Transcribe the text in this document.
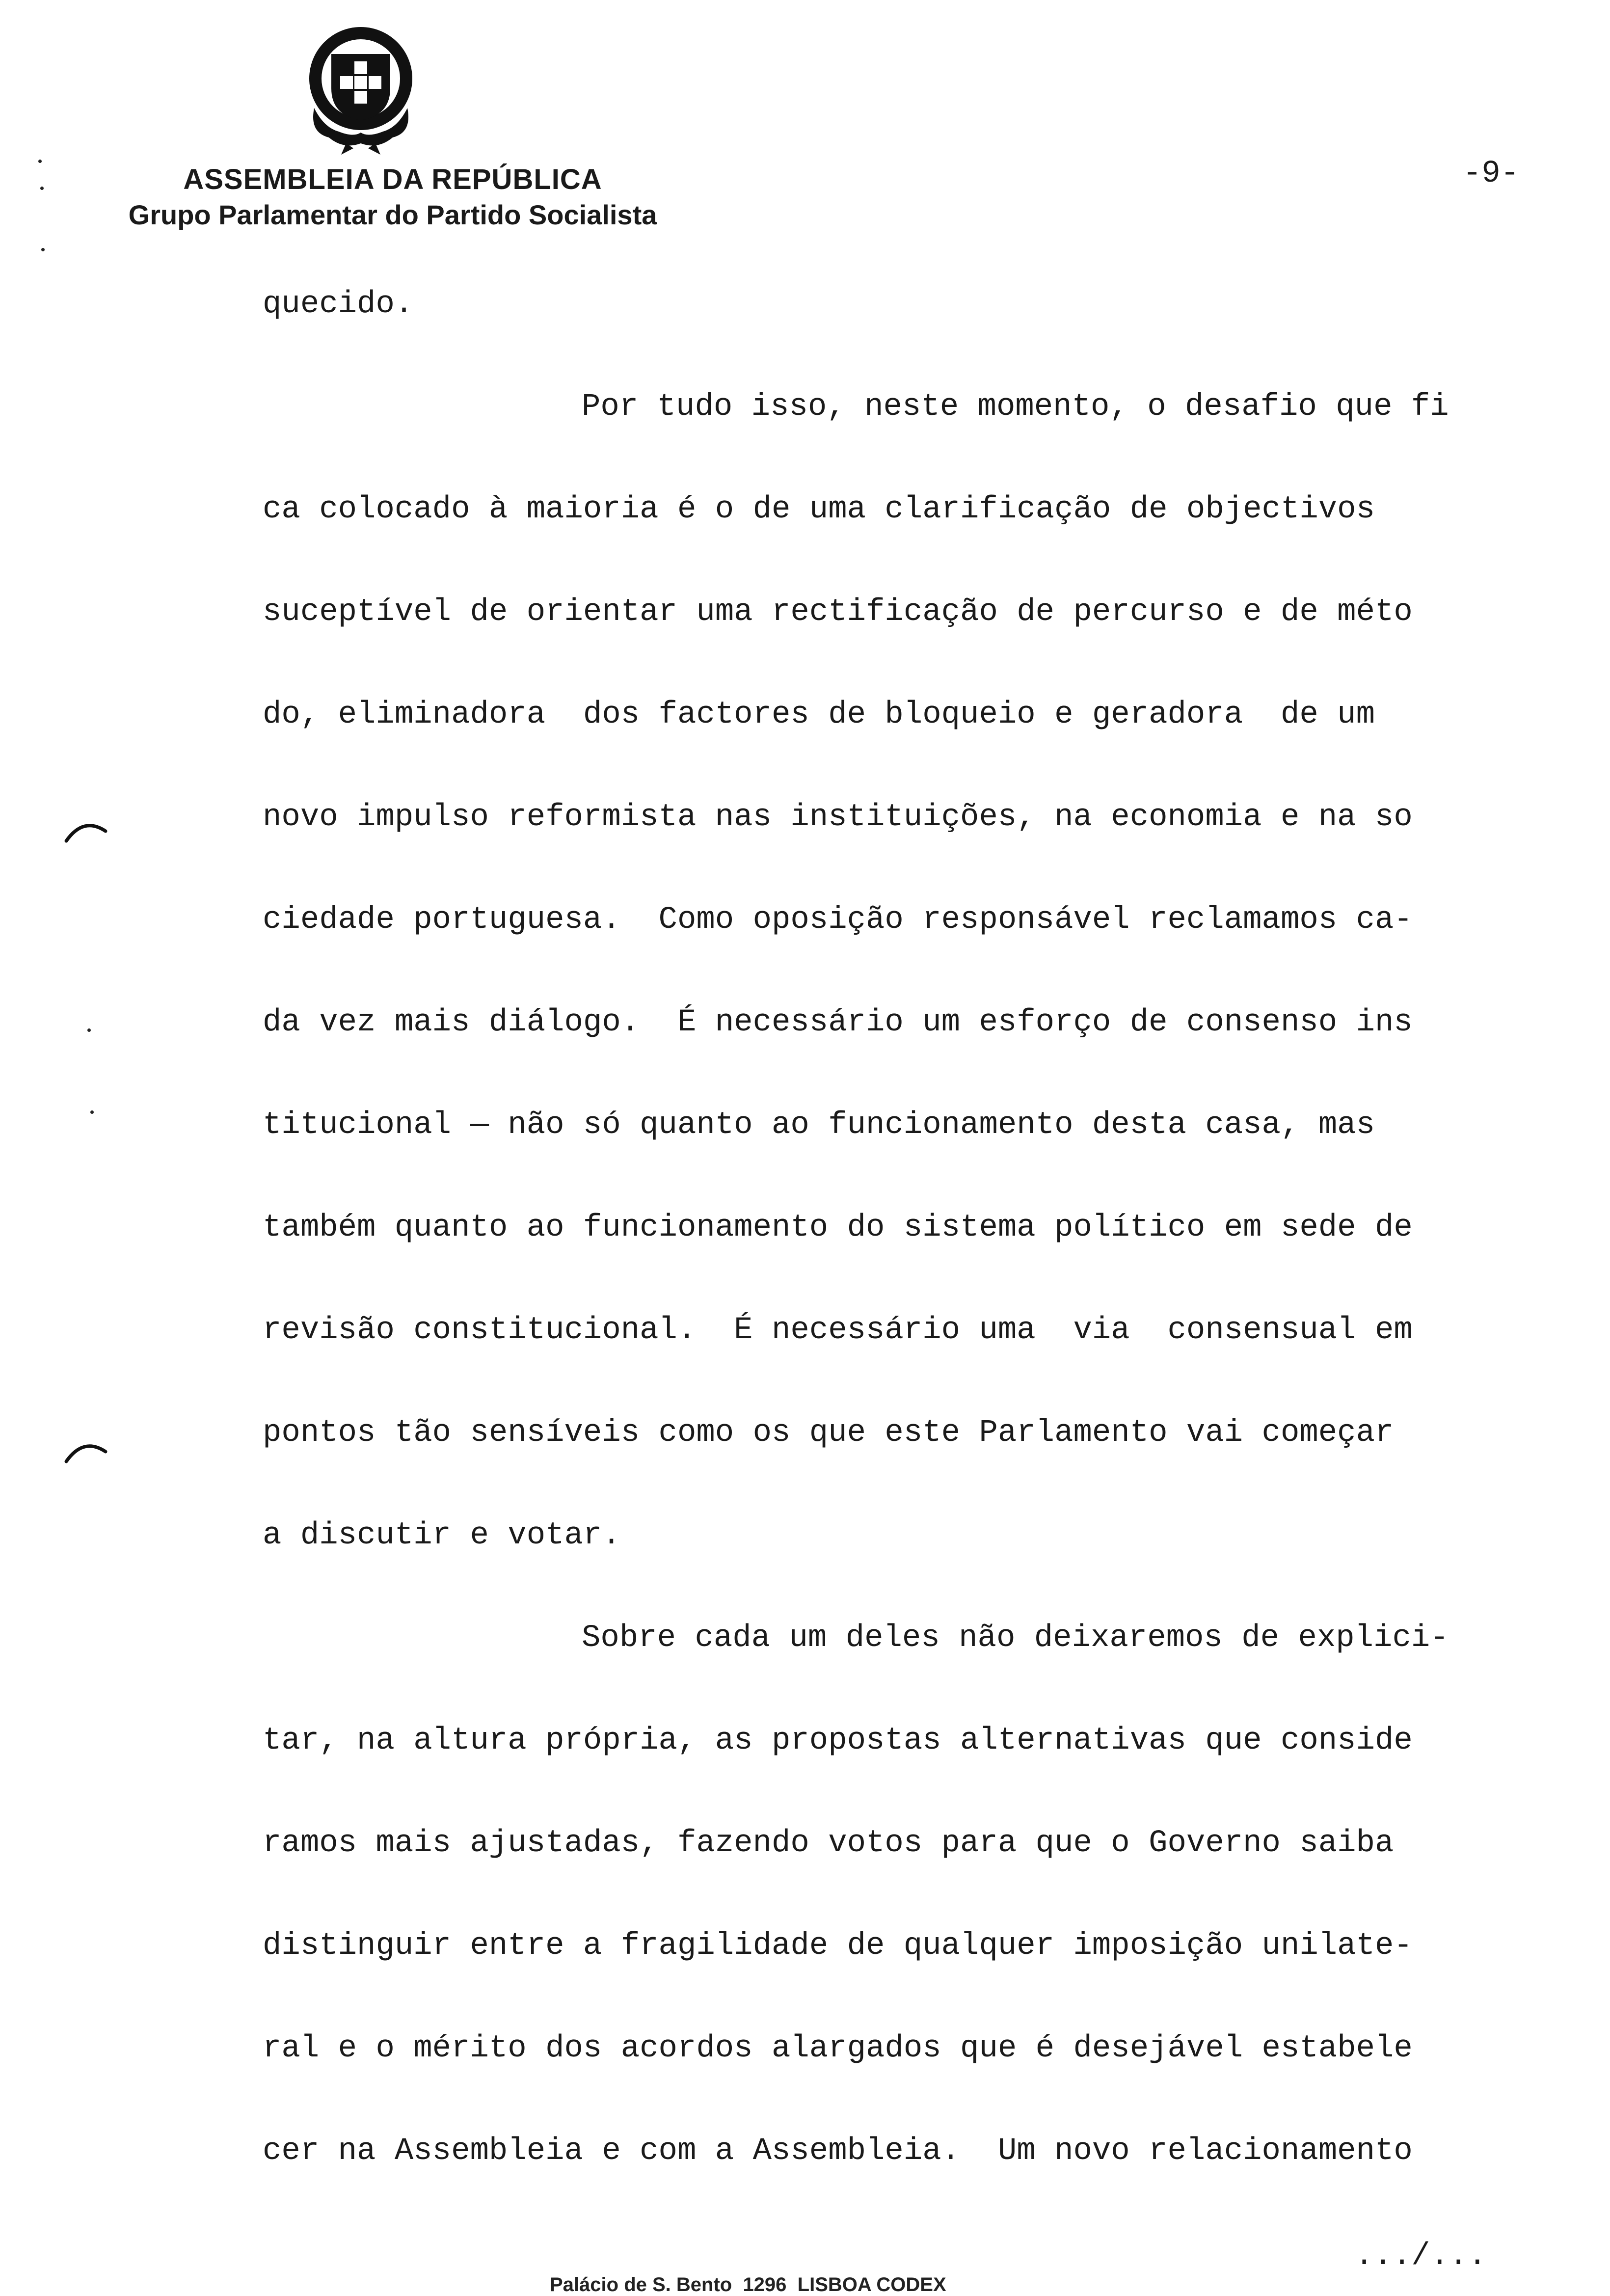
ASSEMBLEIA DA REPÚBLICA
Grupo Parlamentar do Partido Socialista
-9-
quecido.
Por tudo isso, neste momento, o desafio que fi
ca colocado à maioria é o de uma clarificação de objectivos
suceptível de orientar uma rectificação de percurso e de méto
do, eliminadora  dos factores de bloqueio e geradora  de um
novo impulso reformista nas instituições, na economia e na so
ciedade portuguesa.  Como oposição responsável reclamamos ca-
da vez mais diálogo.  É necessário um esforço de consenso ins
titucional — não só quanto ao funcionamento desta casa, mas
também quanto ao funcionamento do sistema político em sede de
revisão constitucional.  É necessário uma  via  consensual em
pontos tão sensíveis como os que este Parlamento vai começar
a discutir e votar.
Sobre cada um deles não deixaremos de explici-
tar, na altura própria, as propostas alternativas que conside
ramos mais ajustadas, fazendo votos para que o Governo saiba
distinguir entre a fragilidade de qualquer imposição unilate-
ral e o mérito dos acordos alargados que é desejável estabele
cer na Assembleia e com a Assembleia.  Um novo relacionamento
.../...
Palácio de S. Bento  1296  LISBOA CODEX
